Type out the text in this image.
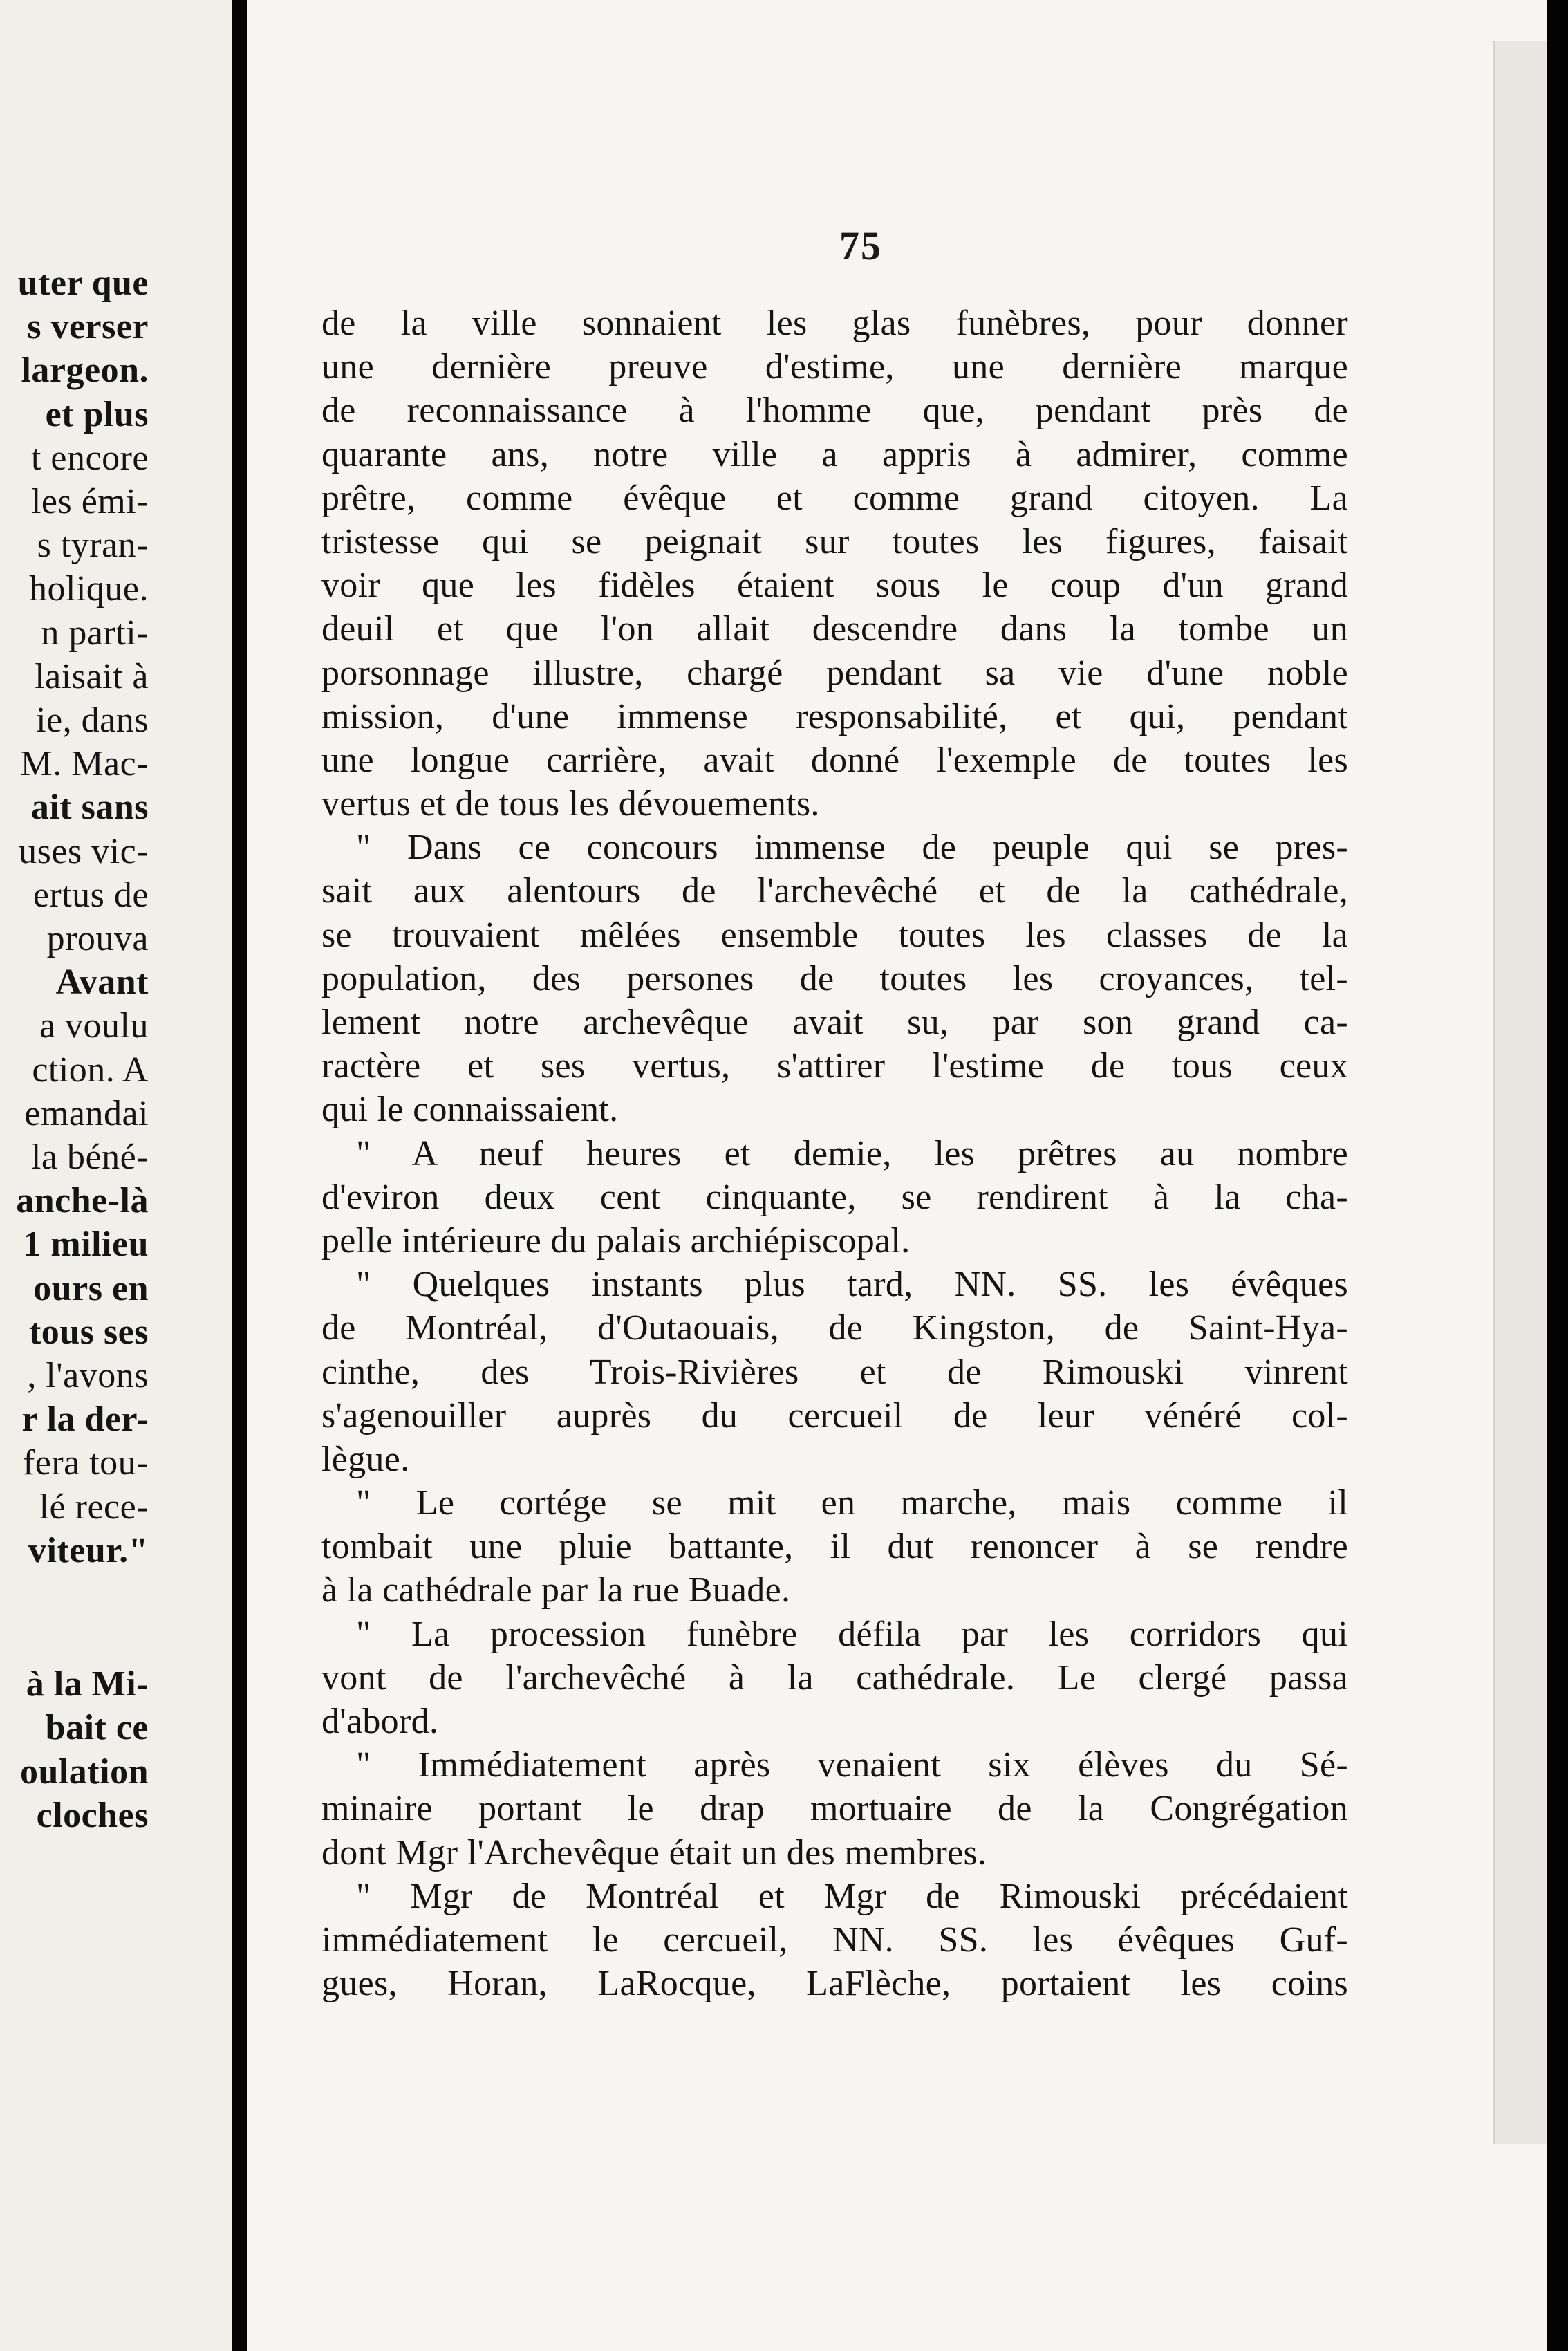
uter que
s verser
largeon.
et plus
t encore
les émi-
s tyran-
holique.
n parti-
laisait à
ie, dans
M. Mac-
ait sans
uses vic-
ertus de
prouva
Avant
a voulu
ction. A
emandai
la béné-
anche-là
1 milieu
ours en
tous ses
, l'avons
r la der-
fera tou-
lé rece-
viteur."
à la Mi-
bait ce
oulation
cloches
75
de la ville sonnaient les glas funèbres, pour donner
une dernière preuve d'estime, une dernière marque
de reconnaissance à l'homme que, pendant près de
quarante ans, notre ville a appris à admirer, comme
prêtre, comme évêque et comme grand citoyen. La
tristesse qui se peignait sur toutes les figures, faisait
voir que les fidèles étaient sous le coup d'un grand
deuil et que l'on allait descendre dans la tombe un
porsonnage illustre, chargé pendant sa vie d'une noble
mission, d'une immense responsabilité, et qui, pendant
une longue carrière, avait donné l'exemple de toutes les
vertus et de tous les dévouements.
" Dans ce concours immense de peuple qui se pres-
sait aux alentours de l'archevêché et de la cathédrale,
se trouvaient mêlées ensemble toutes les classes de la
population, des persones de toutes les croyances, tel-
lement notre archevêque avait su, par son grand ca-
ractère et ses vertus, s'attirer l'estime de tous ceux
qui le connaissaient.
" A neuf heures et demie, les prêtres au nombre
d'eviron deux cent cinquante, se rendirent à la cha-
pelle intérieure du palais archiépiscopal.
" Quelques instants plus tard, NN. SS. les évêques
de Montréal, d'Outaouais, de Kingston, de Saint-Hya-
cinthe, des Trois-Rivières et de Rimouski vinrent
s'agenouiller auprès du cercueil de leur vénéré col-
lègue.
" Le cortége se mit en marche, mais comme il
tombait une pluie battante, il dut renoncer à se rendre
à la cathédrale par la rue Buade.
" La procession funèbre défila par les corridors qui
vont de l'archevêché à la cathédrale. Le clergé passa
d'abord.
" Immédiatement après venaient six élèves du Sé-
minaire portant le drap mortuaire de la Congrégation
dont Mgr l'Archevêque était un des membres.
" Mgr de Montréal et Mgr de Rimouski précédaient
immédiatement le cercueil, NN. SS. les évêques Guf-
gues, Horan, LaRocque, LaFlèche, portaient les coins
